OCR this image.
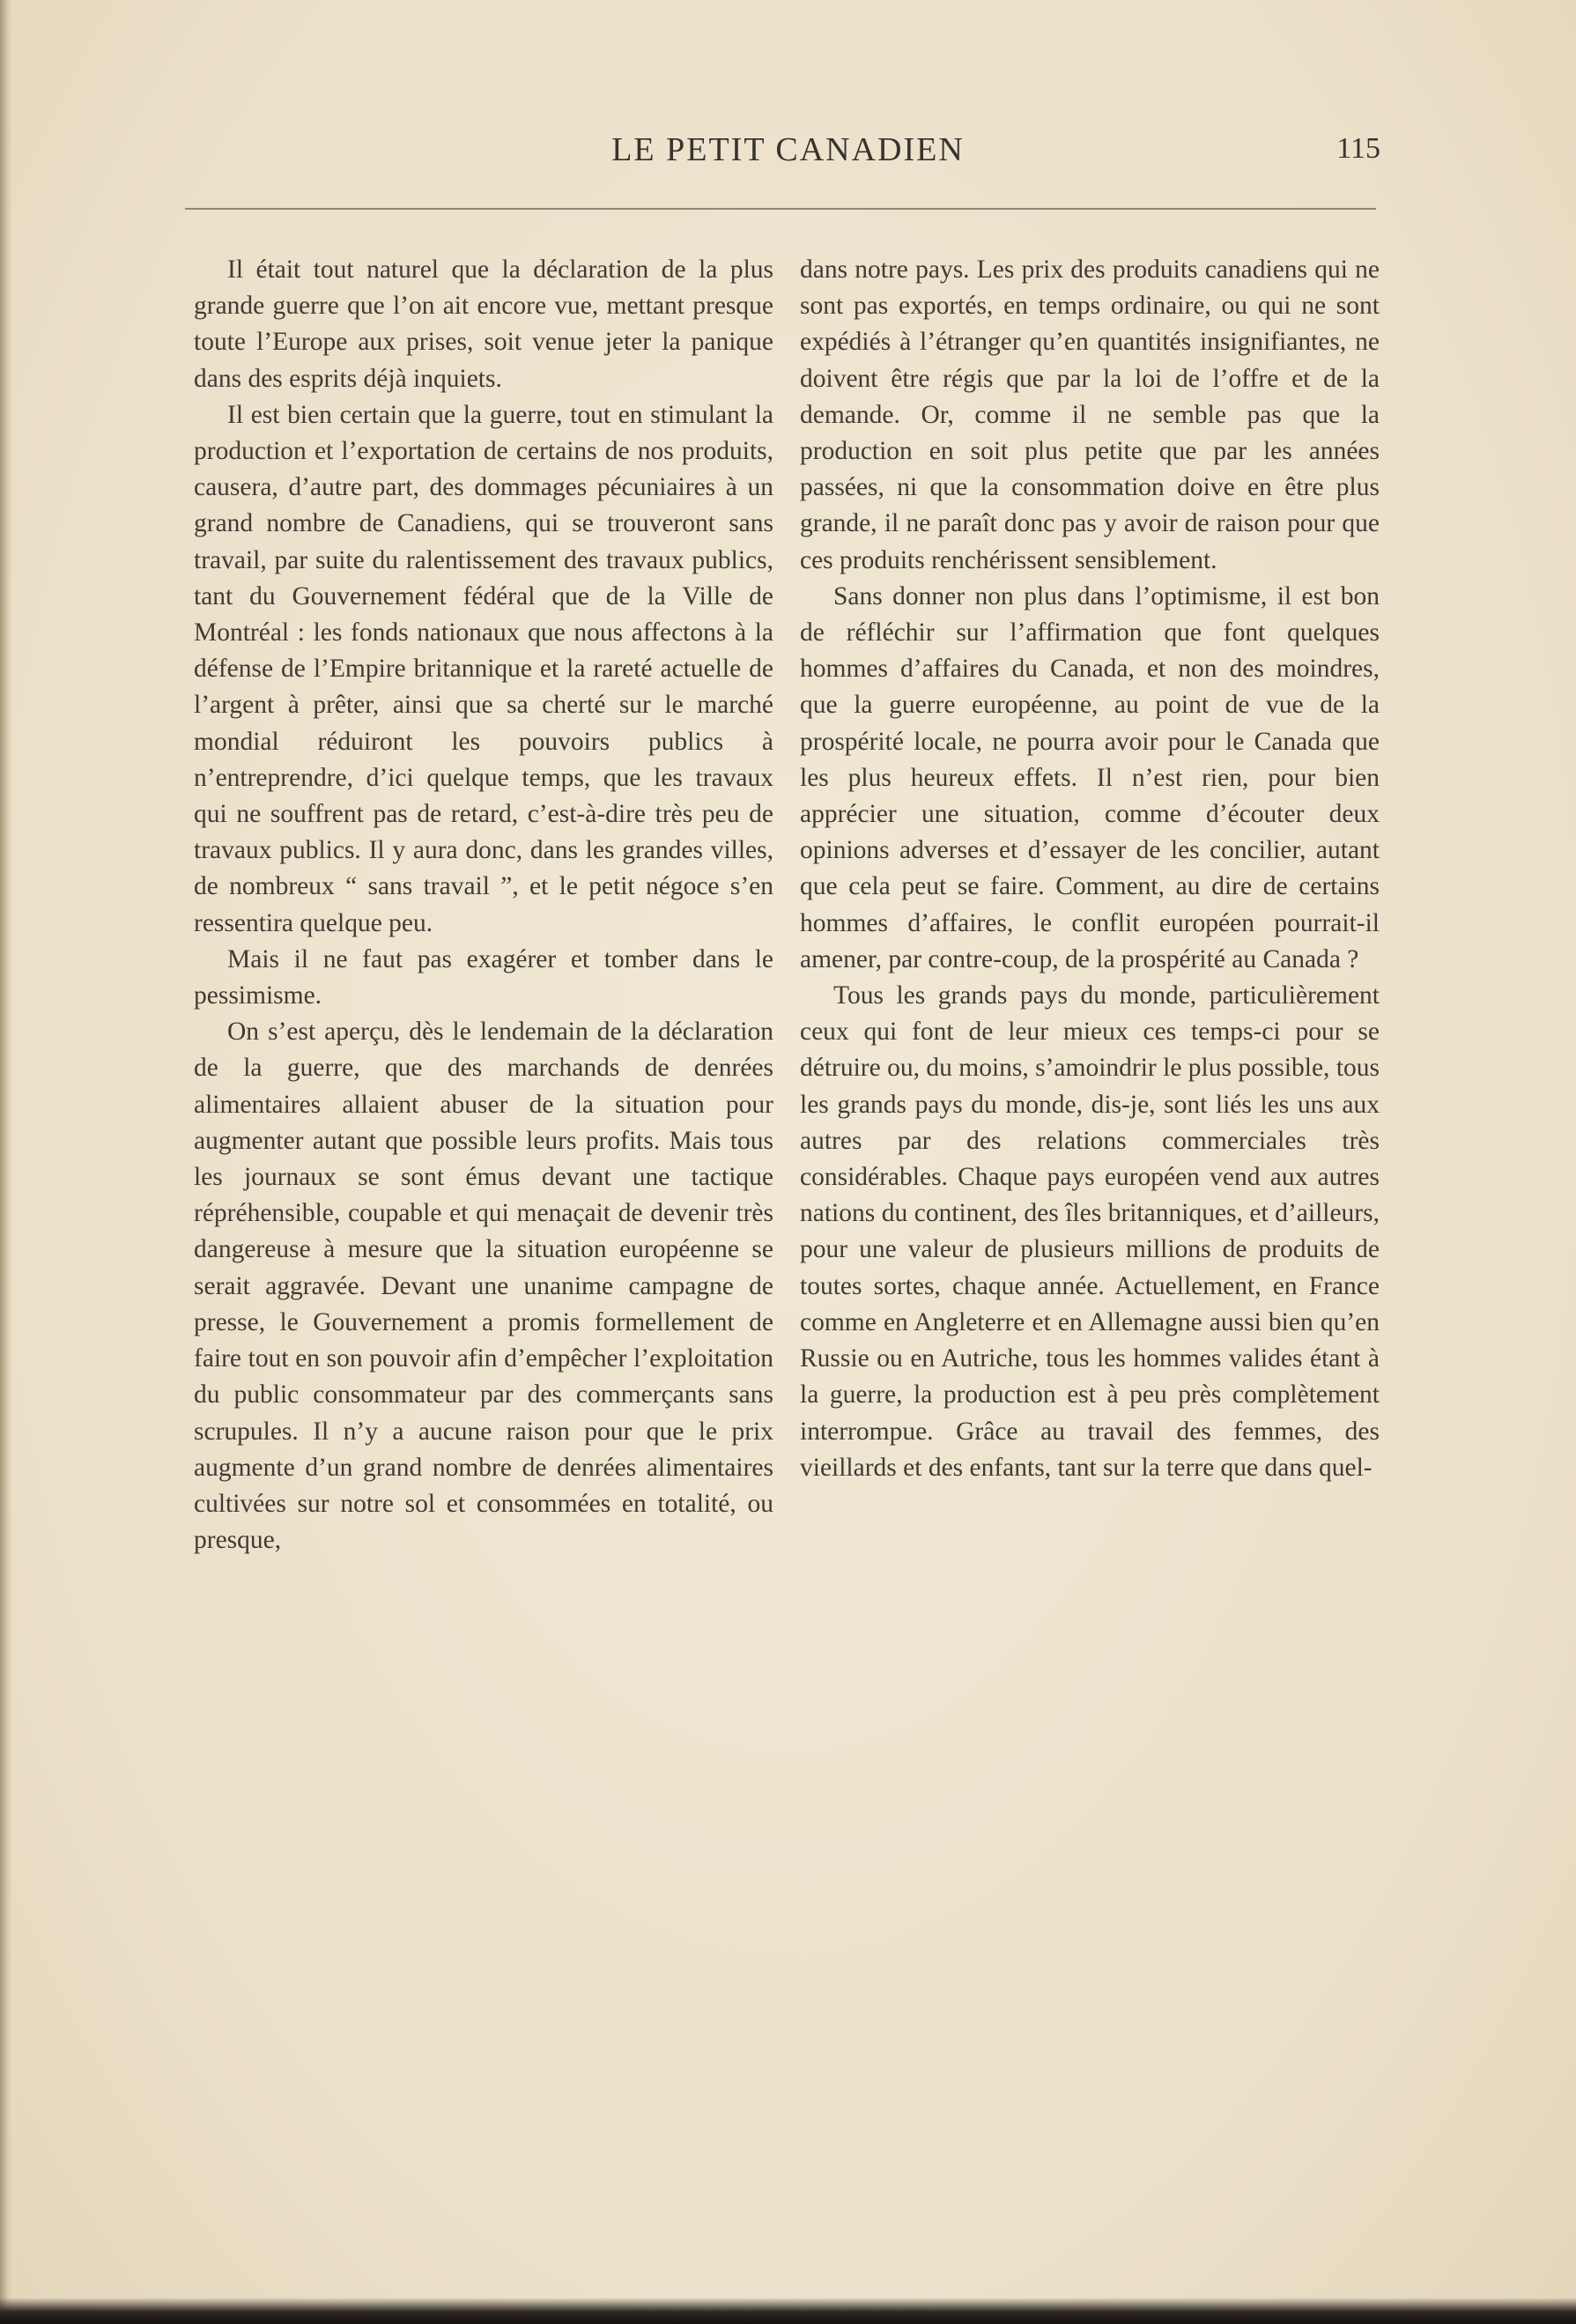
LE PETIT CANADIEN	115

Il était tout naturel que la déclaration de la plus grande guerre que l’on ait encore vue, mettant presque toute l’Europe aux prises, soit venue jeter la panique dans des esprits déjà inquiets.

Il est bien certain que la guerre, tout en stimulant la production et l’exportation de certains de nos produits, causera, d’autre part, des dommages pécuniaires à un grand nombre de Canadiens, qui se trouveront sans travail, par suite du ralentissement des travaux publics, tant du Gouvernement fédéral que de la Ville de Montréal : les fonds nationaux que nous affectons à la défense de l’Empire britannique et la rareté actuelle de l’argent à prêter, ainsi que sa cherté sur le marché mondial réduiront les pouvoirs publics à n’entreprendre, d’ici quelque temps, que les travaux qui ne souffrent pas de retard, c’est-à-dire très peu de travaux publics. Il y aura donc, dans les grandes villes, de nombreux “ sans travail ”, et le petit négoce s’en ressentira quelque peu.

Mais il ne faut pas exagérer et tomber dans le pessimisme.

On s’est aperçu, dès le lendemain de la déclaration de la guerre, que des marchands de denrées alimentaires allaient abuser de la situation pour augmenter autant que possible leurs profits. Mais tous les journaux se sont émus devant une tactique répréhensible, coupable et qui menaçait de devenir très dangereuse à mesure que la situation européenne se serait aggravée. Devant une unanime campagne de presse, le Gouvernement a promis formellement de faire tout en son pouvoir afin d’empêcher l’exploitation du public consommateur par des commerçants sans scrupules. Il n’y a aucune raison pour que le prix augmente d’un grand nombre de denrées alimentaires cultivées sur notre sol et consommées en totalité, ou presque,

dans notre pays. Les prix des produits canadiens qui ne sont pas exportés, en temps ordinaire, ou qui ne sont expédiés à l’étranger qu’en quantités insignifiantes, ne doivent être régis que par la loi de l’offre et de la demande. Or, comme il ne semble pas que la production en soit plus petite que par les années passées, ni que la consommation doive en être plus grande, il ne paraît donc pas y avoir de raison pour que ces produits renchérissent sensiblement.

Sans donner non plus dans l’optimisme, il est bon de réfléchir sur l’affirmation que font quelques hommes d’affaires du Canada, et non des moindres, que la guerre européenne, au point de vue de la prospérité locale, ne pourra avoir pour le Canada que les plus heureux effets. Il n’est rien, pour bien apprécier une situation, comme d’écouter deux opinions adverses et d’essayer de les concilier, autant que cela peut se faire. Comment, au dire de certains hommes d’affaires, le conflit européen pourrait-il amener, par contre-coup, de la prospérité au Canada ?

Tous les grands pays du monde, particulièrement ceux qui font de leur mieux ces temps-ci pour se détruire ou, du moins, s’amoindrir le plus possible, tous les grands pays du monde, dis-je, sont liés les uns aux autres par des relations commerciales très considérables. Chaque pays européen vend aux autres nations du continent, des îles britanniques, et d’ailleurs, pour une valeur de plusieurs millions de produits de toutes sortes, chaque année. Actuellement, en France comme en Angleterre et en Allemagne aussi bien qu’en Russie ou en Autriche, tous les hommes valides étant à la guerre, la production est à peu près complètement interrompue. Grâce au travail des femmes, des vieillards et des enfants, tant sur la terre que dans quel-
